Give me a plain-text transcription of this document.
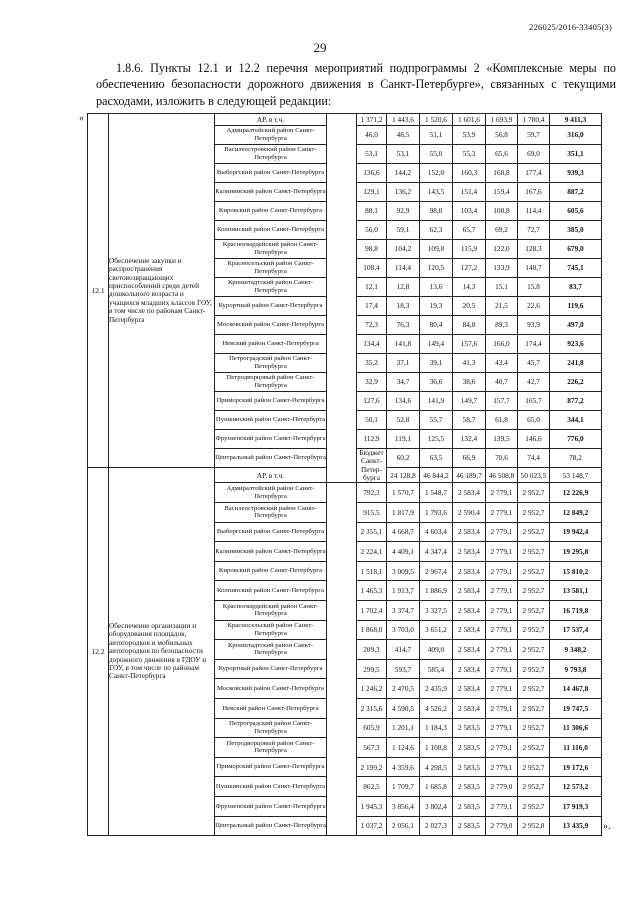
226025/2016-33405(3)
29
1.8.6. Пункты 12.1 и 12.2 перечня мероприятий подпрограммы 2 «Комплексные меры по обеспечению безопасности дорожного движения в Санкт-Петербурге», связанных с текущими расходами, изложить в следующей редакции:
«
».
12.1	Обеспечение закупки и распространения световозвращающих приспособлений среди детей дошкольного возраста и учащихся младших классов ГОУ, в том числе по районам Санкт-Петербурга	АР, в т.ч.		1 371,2	1 443,6	1 520,6	1 601,6	1 693,9	1 780,4	9 411,3	
		Адмиралтейский район Санкт-Петербурга		46,0	48,5	51,1	53,9	56,8	59,7	316,0	
		Василеостровский район Санкт-Петербурга		53,1	53,1	55,0	55,3	65,6	69,0	351,1	
		Выборгский район Санкт-Петербурга		136,6	144,2	152,0	160,3	168,8	177,4	939,3	
		Калининский район Санкт-Петербурга		129,1	136,2	143,5	151,4	159,4	167,6	887,2	
		Кировский район Санкт-Петербурга		88,1	92,9	98,0	103,4	108,8	114,4	605,6	
		Колпинский район Санкт-Петербурга		56,0	59,1	62,3	65,7	69,2	72,7	385,0	
		Красногвардейский район Санкт-Петербурга		98,8	104,2	109,8	115,9	122,0	128,3	679,0	
		Красносельский район Санкт-Петербурга		108,4	114,4	120,5	127,2	133,9	140,7	745,1	
		Кронштадтский район Санкт-Петербурга		12,1	12,8	13,6	14,3	15,1	15,8	83,7	
		Курортный район Санкт-Петербурга		17,4	18,3	19,3	20,5	21,5	22,6	119,6	
		Московский район Санкт-Петербурга		72,3	76,3	80,4	84,8	89,3	93,9	497,0	
		Невский район Санкт-Петербурга		134,4	141,8	149,4	157,6	166,0	174,4	923,6	
		Петроградский район Санкт-Петербурга		35,2	37,1	39,1	41,3	43,4	45,7	241,8	
		Петродворцовый район Санкт-Петербурга		32,9	34,7	36,6	38,6	40,7	42,7	226,2	
		Приморский район Санкт-Петербурга		127,6	134,6	141,9	149,7	157,7	165,7	877,2	
		Пушкинский район Санкт-Петербурга		50,1	52,8	55,7	58,7	61,8	65,0	344,1	
		Фрунзенский район Санкт-Петербурга		112,9	119,1	125,5	132,4	139,5	146,6	776,0	
		Центральный район Санкт-Петербурга		Бюджет Санкт-Петер-бурга	60,2	63,5	66,9	70,6	74,4	78,2	
12.2	Обеспечение организации и оборудования площадок, автогородков и мобильных автогородков по безопасности дорожного движения в ГДОУ и ГОУ, в том числе по районам Санкт-Петербурга	АР, в т.ч.			24 128,8	46 844,2	46 189,7	46 508,8	50 023,5	53 148,7	
		Адмиралтейский район Санкт-Петербурга		792,3	1 570,7	1 548,7	2 583,4	2 779,1	2 952,7	12 226,9	
		Василеостровский район Санкт-Петербурга		915,5	1 817,9	1 793,6	2 590,4	2 779,1	2 952,7	12 849,2	
		Выборгский район Санкт-Петербурга		2 355,1	4 668,7	4 603,4	2 583,4	2 779,1	2 952,7	19 942,4	
		Калининский район Санкт-Петербурга		2 224,1	4 409,1	4 347,4	2 583,4	2 779,1	2 952,7	19 295,8	
		Кировский район Санкт-Петербурга		1 518,1	3 009,5	2 967,4	2 583,4	2 779,1	2 952,7	15 810,2	
		Колпинский район Санкт-Петербурга		1 465,3	1 913,7	1 886,9	2 583,4	2 779,1	2 952,7	13 581,1	
		Красногвардейский район Санкт-Петербурга		1 702,4	3 374,7	3 327,5	2 583,4	2 779,1	2 952,7	16 719,8	
		Красносельский район Санкт-Петербурга		1 868,0	3 703,0	3 651,2	2 583,4	2 779,1	2 952,7	17 537,4	
		Кронштадтский район Санкт-Петербурга		209,3	414,7	409,0	2 583,4	2 779,1	2 952,7	9 348,2	
		Курортный район Санкт-Петербурга		299,5	593,7	585,4	2 583,4	2 779,1	2 952,7	9 793,8	
		Московский район Санкт-Петербурга		1 246,2	2 470,5	2 435,9	2 583,4	2 779,1	2 952,7	14 467,8	
		Невский район Санкт-Петербурга		2 315,6	4 590,5	4 526,2	2 583,4	2 779,1	2 952,7	19 747,5	
		Петроградский район Санкт-Петербурга		605,9	1 201,1	1 184,3	2 583,5	2 779,1	2 952,7	11 306,6	
		Петродворцовый район Санкт-Петербурга		567,3	1 124,6	1 108,8	2 583,5	2 779,1	2 952,7	11 116,0	
		Приморский район Санкт-Петербурга		2 199,2	4 359,6	4 298,5	2 583,5	2 779,1	2 952,7	19 172,6	
		Пушкинский район Санкт-Петербурга		862,5	1 709,7	1 685,8	2 583,5	2 779,0	2 952,7	12 573,2	
		Фрунзенский район Санкт-Петербурга		1 945,3	3 856,4	3 802,4	2 583,5	2 779,1	2 952,7	17 919,3	
		Центральный район Санкт-Петербурга		1 037,2	2 056,1	2 027,3	2 583,5	2 779,0	2 952,8	13 435,9	
